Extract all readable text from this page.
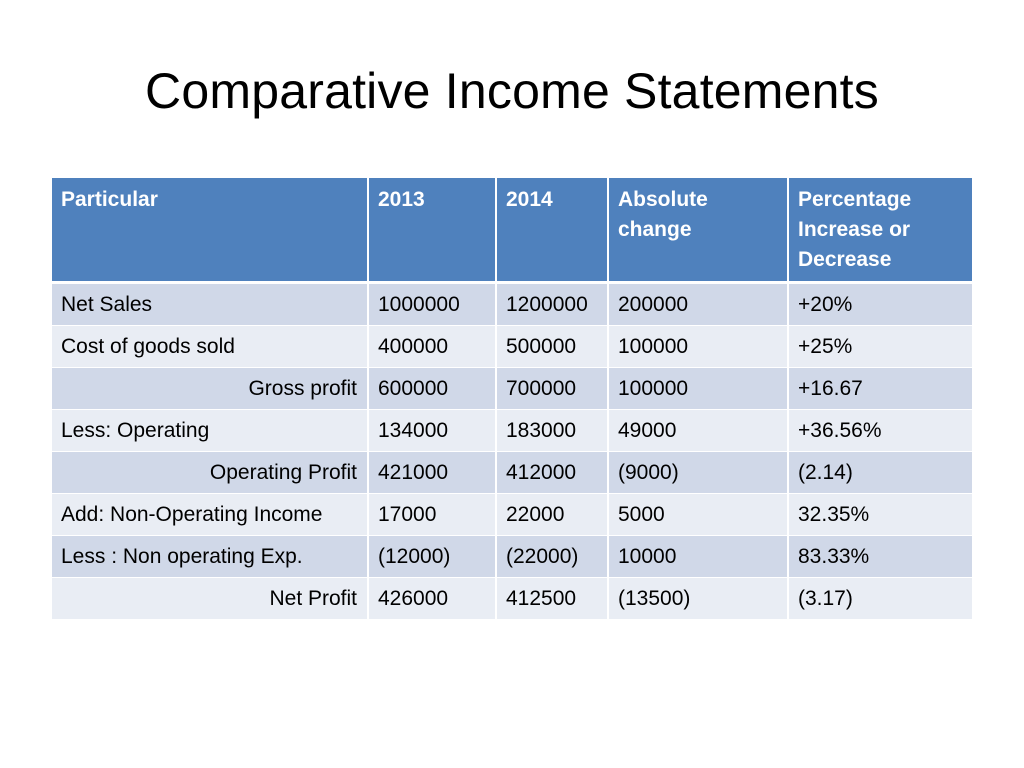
Comparative Income Statements
Particular	2013	2014	Absolute change	Percentage Increase or Decrease
Net Sales	1000000	1200000	200000	+20%
Cost of goods sold	400000	500000	100000	+25%
Gross profit	600000	700000	100000	+16.67
Less: Operating	134000	183000	49000	+36.56%
Operating Profit	421000	412000	(9000)	(2.14)
Add: Non-Operating Income	17000	22000	5000	32.35%
Less : Non operating Exp.	(12000)	(22000)	10000	83.33%
Net Profit	426000	412500	(13500)	(3.17)
